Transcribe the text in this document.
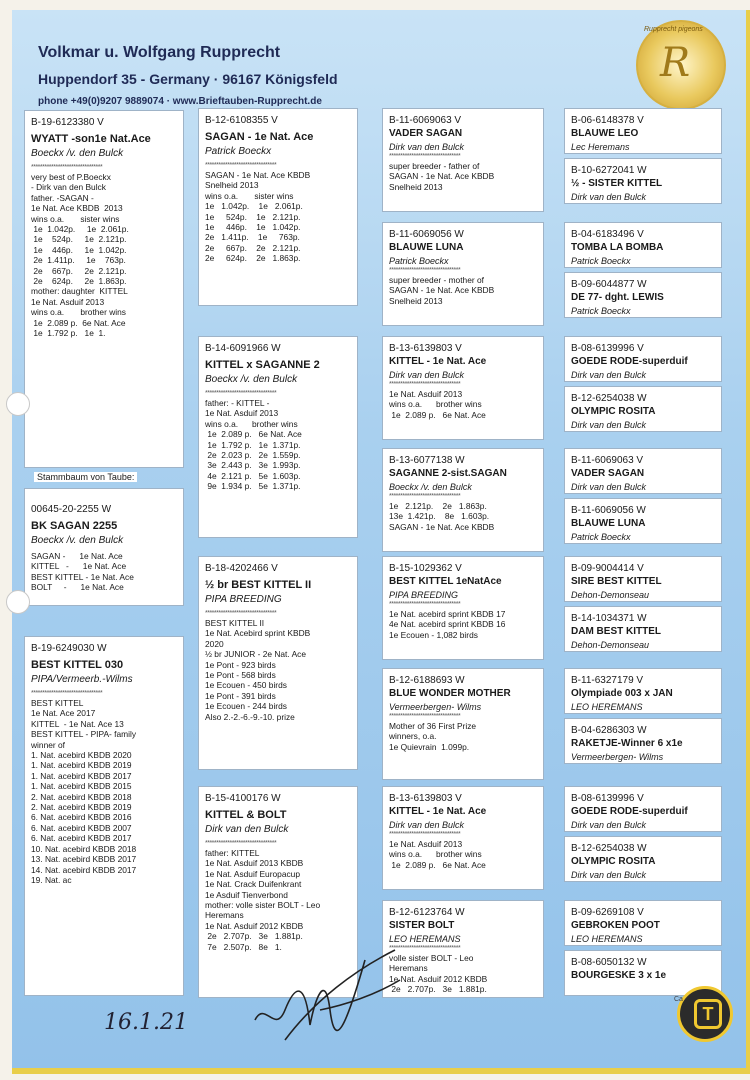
Volkmar u. Wolfgang Rupprecht
Huppendorf 35 - Germany · 96167 Königsfeld
phone +49(0)9207 9889074 · www.Brieftauben-Rupprecht.de
Rupprecht pigeons
R
B-19-6123380 V
WYATT -son1e Nat.Ace
Boeckx /v. den Bulck
********************************
very best of P.Boeckx
- Dirk van den Bulck
father. -SAGAN -
1e Nat. Ace KBDB  2013
wins o.a.       sister wins
1e  1.042p.     1e  2.061p.
1e    524p.     1e  2.121p.
1e    446p.     1e  1.042p.
2e  1.411p.     1e    763p.
2e    667p.     2e  2.121p.
2e    624p.     2e  1.863p.
mother: daughter  KITTEL
1e Nat. Asduif 2013
wins o.a.       brother wins
1e  2.089 p.  6e Nat. Ace
1e  1.792 p.   1e  1.
00645-20-2255 W
BK SAGAN 2255
Boeckx /v. den Bulck
SAGAN -      1e Nat. Ace
KITTEL   -      1e Nat. Ace
BEST KITTEL - 1e Nat. Ace
BOLT     -      1e Nat. Ace
Stammbaum von Taube:
B-19-6249030 W
BEST KITTEL 030
PIPA/Vermeerb.-Wilms
********************************
BEST KITTEL
1e Nat. Ace 2017
KITTEL  - 1e Nat. Ace 13
BEST KITTEL - PIPA- family
winner of
1. Nat. acebird KBDB 2020
1. Nat. acebird KBDB 2019
1. Nat. acebird KBDB 2017
1. Nat. acebird KBDB 2015
2. Nat. acebird KBDB 2018
2. Nat. acebird KBDB 2019
6. Nat. acebird KBDB 2016
6. Nat. acebird KBDB 2007
6. Nat. acebird KBDB 2017
10. Nat. acebird KBDB 2018
13. Nat. acebird KBDB 2017
14. Nat. acebird KBDB 2017
19. Nat. ac
B-12-6108355 V
SAGAN - 1e Nat. Ace
Patrick Boeckx
********************************
SAGAN - 1e Nat. Ace KBDB
Snelheid 2013
wins o.a.       sister wins
1e   1.042p.    1e   2.061p.
1e     524p.    1e   2.121p.
1e     446p.    1e   1.042p.
2e   1.411p.    1e     763p.
2e     667p.    2e   2.121p.
2e     624p.    2e   1.863p.
B-14-6091966 W
KITTEL x SAGANNE 2
Boeckx /v. den Bulck
********************************
father: - KITTEL -
1e Nat. Asduif 2013
wins o.a.      brother wins
1e  2.089 p.   6e Nat. Ace
1e  1.792 p.   1e  1.371p.
2e  2.023 p.   2e  1.559p.
3e  2.443 p.   3e  1.993p.
4e  2.121 p.   5e  1.603p.
9e  1.934 p.   5e  1.371p.
B-18-4202466 V
½ br BEST KITTEL II
PIPA BREEDING
********************************
BEST KITTEL II
1e Nat. Acebird sprint KBDB
2020
½ br JUNIOR - 2e Nat. Ace
1e Pont - 923 birds
1e Pont - 568 birds
1e Ecouen - 450 birds
1e Pont - 391 birds
1e Ecouen - 244 birds
Also 2.-2.-6.-9.-10. prize
B-15-4100176 W
KITTEL & BOLT
Dirk van den Bulck
********************************
father: KITTEL
1e Nat. Asduif 2013 KBDB
1e Nat. Asduif Europacup
1e Nat. Crack Duifenkrant
1e Asduif Tienverbond
mother: volle sister BOLT - Leo
Heremans
1e Nat. Asduif 2012 KBDB
2e   2.707p.   3e   1.881p.
7e   2.507p.   8e   1.
B-11-6069063 V
VADER SAGAN
Dirk van den Bulck
********************************
super breeder - father of
SAGAN - 1e Nat. Ace KBDB
Snelheid 2013
B-11-6069056 W
BLAUWE LUNA
Patrick Boeckx
********************************
super breeder - mother of
SAGAN - 1e Nat. Ace KBDB
Snelheid 2013
B-13-6139803 V
KITTEL - 1e Nat. Ace
Dirk van den Bulck
********************************
1e Nat. Asduif 2013
wins o.a.      brother wins
1e  2.089 p.   6e Nat. Ace
B-13-6077138 W
SAGANNE 2-sist.SAGAN
Boeckx /v. den Bulck
********************************
1e   2.121p.    2e   1.863p.
13e  1.421p.    8e   1.603p.
SAGAN - 1e Nat. Ace KBDB
B-15-1029362 V
BEST KITTEL 1eNatAce
PIPA BREEDING
********************************
1e Nat. acebird sprint KBDB 17
4e Nat. acebird sprint KBDB 16
1e Ecouen - 1,082 birds
B-12-6188693 W
BLUE WONDER MOTHER
Vermeerbergen- Wilms
********************************
Mother of 36 First Prize
winners, o.a.
1e Quievrain  1.099p.
B-13-6139803 V
KITTEL - 1e Nat. Ace
Dirk van den Bulck
********************************
1e Nat. Asduif 2013
wins o.a.      brother wins
1e  2.089 p.   6e Nat. Ace
B-12-6123764 W
SISTER BOLT
LEO HEREMANS
********************************
volle sister BOLT - Leo
Heremans
1e Nat. Asduif 2012 KBDB
2e   2.707p.   3e   1.881p.
B-06-6148378 V
BLAUWE LEO
Lec Heremans
B-10-6272041 W
½ - SISTER KITTEL
Dirk van den Bulck
B-04-6183496 V
TOMBA LA BOMBA
Patrick Boeckx
B-09-6044877 W
DE 77- dght. LEWIS
Patrick Boeckx
B-08-6139996 V
GOEDE RODE-superduif
Dirk van den Bulck
B-12-6254038 W
OLYMPIC ROSITA
Dirk van den Bulck
B-11-6069063 V
VADER SAGAN
Dirk van den Bulck
B-11-6069056 W
BLAUWE LUNA
Patrick Boeckx
B-09-9004414 V
SIRE BEST KITTEL
Dehon-Demonseau
B-14-1034371 W
DAM BEST KITTEL
Dehon-Demonseau
B-11-6327179 V
Olympiade 003 x JAN
LEO HEREMANS
B-04-6286303 W
RAKETJE-Winner 6 x1e
Vermeerbergen- Wilms
B-08-6139996 V
GOEDE RODE-superduif
Dirk van den Bulck
B-12-6254038 W
OLYMPIC ROSITA
Dirk van den Bulck
B-09-6269108 V
GEBROKEN POOT
LEO HEREMANS
B-08-6050132 W
BOURGESKE 3 x 1e
16.1.21	T
Ca
